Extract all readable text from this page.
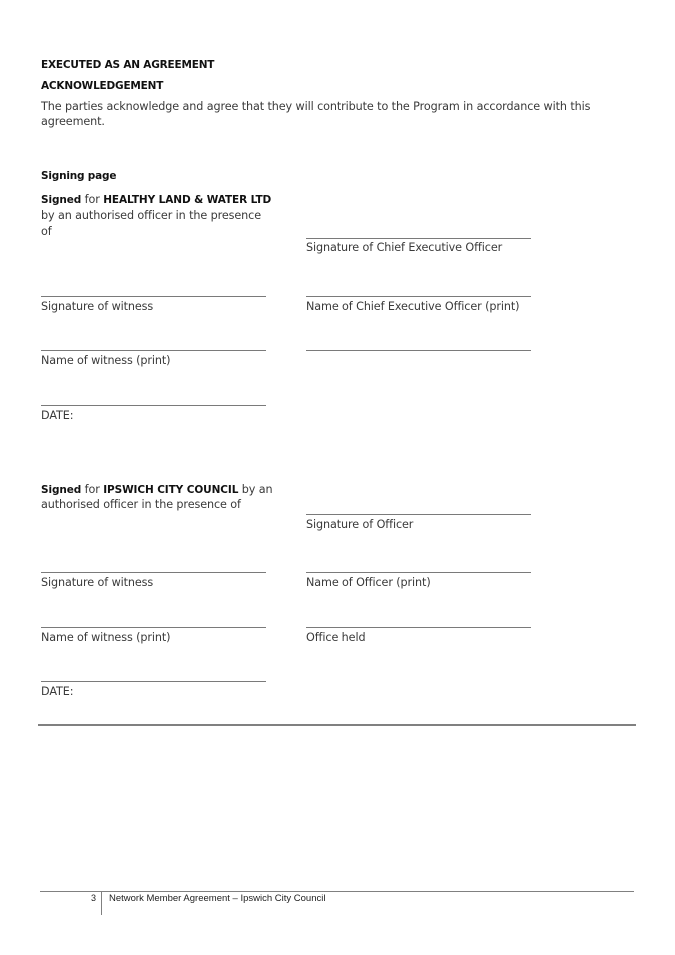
EXECUTED AS AN AGREEMENT
ACKNOWLEDGEMENT
The parties acknowledge and agree that they will contribute to the Program in accordance with this
agreement.
Signing page
Signed for HEALTHY LAND & WATER LTD
by an authorised officer in the presence
of
Signature of Chief Executive Officer
Signature of witness	Name of Chief Executive Officer (print)
Name of witness (print)
DATE:
Signed for IPSWICH CITY COUNCIL by an
authorised officer in the presence of
Signature of Officer
Signature of witness	Name of Officer (print)
Name of witness (print)	Office held
DATE:
3 Network Member Agreement – Ipswich City Council
